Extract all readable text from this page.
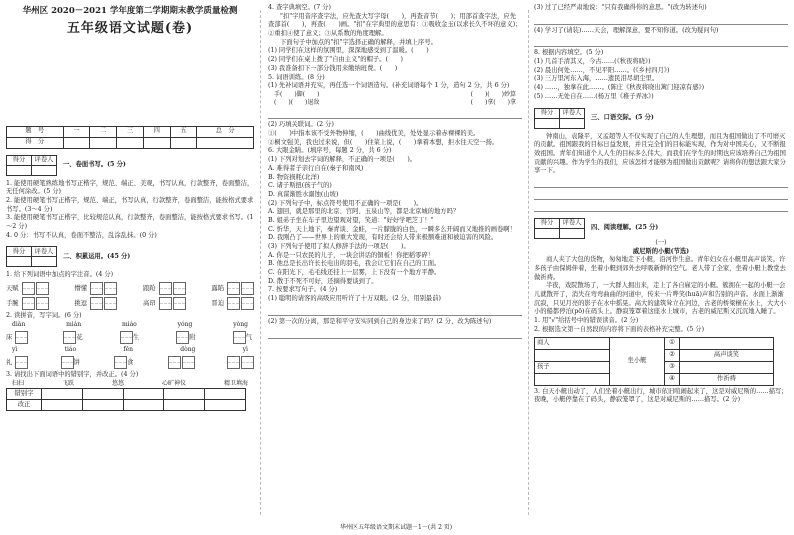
华州区 2020－2021 学年度第二学期期末教学质量检测

五年级语文试题(卷)

题　号	一	二	三	四	五	总　分
得　分						
得分	评卷人

一、卷面书写。(5 分)

1. 能使用硬笔熟练地书写正楷字，规范、端正、美观，书写认真，行款整齐，卷面整洁，无任何涂改。(5 分)

2. 能使用硬笔书写正楷字，规范、端正，书写认真，行款整齐，卷面整洁，能按格式要求书写。(3～4 分)

3. 能使用硬笔书写正楷字，比较规范认真，行款整齐，卷面整洁，能按格式要求书写。(1～2 分)

4. 0 分：书写不认真，卷面不整洁，乱涂乱抹。(0 分)

得分	评卷人

二、积累运用。(45 分)

1. 给下列词语中加点的字注音。(4 分)

天赋	懵懂	踉跄	露陷
手腕	挑逗	高昂	晋迫

2. 读拼音，写字词。(6 分)

diàn	mián	miáo	yóng	yòng
床	花	生	附	气
yì	tiáo	fěn	dòng	yì
礼	饼	食

3. 请找出下面词语中的错别字，并改正。(4 分)

扫扫	飞跃	悠悠	心旷神仪	精卫填海
错别字					
改正					

4. 查字典填空。(7 分)

"扣"字用音序查字法，应先查大写字母(　　)，再查音节(　　)；用部首查字法，应先查部首(　　)，再查(　　)画。"扣"在字典里的意思有：①吸收金玉(以求长久不坏的意义)；②重扣④使了意义；③从系数的角度理解。

下面句子中加点的"扣"字选择正确的解释，并填上序号。

(1) 同学们在这样的氛围里，深深地感受到了温暖。(　　)

(2) 同学们在桌上拨了"自由主义"的帽子。(　　)

(3) 我准备扣下一部分钱用来缴纳班费。(　　)

5. 词语训练。(8 分)

(1) 先补词语并充实，再任选一个词语造句。(补充词语每个 1 分，造句 2 分，共 6 分)

手(　　)脚(　　)	(　　)(　　)妙算
(　　)(　　)退敌	(　　)拿(　　)拿

(2) 巧填关联词。(2 分)

①(　　)中指本该不受外物伸缩，(　　)曲线优美，处处显示着赤裸裸的美。

②桐文强美，我也过来说，但(　　)住菜上说，(　　)拿着本想，拒水往天空一扬。

6. 大眼金睛。(填序号，每题 2 分，共 6 分)

(1) 下列对划去字词的解释，不正确的一项是(　　)。

A. 难得者子亲行自在(秦子和南风)

B. 物资损耗(北洋)

C. 诸子斯扭(孩子气的)

D. 真谋渐胜水溺蚀(山坡)

(2) 下列句子中，标点符号使用不正确的一项是(　　)。

A. 翅回，就是那里的北京、宫阿、玉泉山等，都是北京城的地方吗？

B. 姐弟子坐在车子里边望观对望，笑道："好好学吧芝丁！"

C. 忻华，天上地下，秦青谈、金蛙，一片朦胧的白色，一瞬多么开阔而又地推的画卷啊！

D. 我刚凸了——世界上的重大发现，有时还会给人带来极额难道和被迫害的风险。

(3) 下列句子使用了拟人修辞手法的一项是(　　)。

A. 你是一只农民的儿子，一块会讲话的铜板！你把稻零碎！

B. 他总是长出许长长电出的羽毛，我会让它们在自己的工面。

C. 在阳光下，毛毛线还挂上一层雾，上下没有一个地方平静。

D. 散于不死不可好，还摘得要谈到了。

7. 按要求写句子。(4 分)

(1) 聪明的请客的高级应用听许了十万双眼。(2 分，用别最前)

(2) 第一次的分离，那是和平守安实同到自己的身边来了吗？(2 分，改为陈述句)

(3) 过了已经严肃地说："只有我确得你的意思。"(改为转述句)

(4) 学习了(请装)……天会，理解深意，要不知你道。(改为疑问句)

8. 根据内容填空。(5 分)

(1) 几首手清其又，今古……(《秋夜将晓》)

(2) 晨出何处……，不见平阳……。(《乡村四月》)

(3) 三万里河东入海，……遗民泪尽胡尘里。

(4) ……，独拿在此……。(陈庄《秋夜将晓出篱门迎凉有感》)

(5) ……无处自在……(杨万里《稚子弄冰》)

得分	评卷人

三、口语交际。(5 分)

钟南山，袁隆平，又孟超等人不仅实现了自己的人生理想，而且为祖国做出了不可磨灭的贡献。祖国跟我的目标日益发展，并且完全们的目标能实现，作为对中国关心，又不断报效祖国。青年们知道个人人生的目标多么伟大，而我们在学生的时期也应该培养自己为祖国贡献的兴趣。作为学生的我们，应该怎样才能够为祖国做出贡献呢？请将你的想法跟大家分享一下。

得分	评卷人

四、阅读理解。(25 分)

(一)

威尼斯的小艇(节选)

商人夹了大包的货物，匆匆地走下小艇，沿河作生意。青年妇女在小艇里高声谈笑。许多孩子由保姆伴着，坐着小艇到郊外去呼吸新鲜的空气。老人带了全家，坐着小艇上教堂去做祈祷。

半夜，戏院散场了，一大群人拥出来，走上了各自雇定的小艇。簇拥在一起的小艇一会儿就散开了，消失在弯弯曲曲的河道中，传来一片哗笑(huā)声和告别的声音。水面上渐渐沉寂，只见月亮的影子在水中摇晃。高大的建筑耸立在河边，古老的桥梁横在水上，大大小小的船都停泊(pō)在码头上。静寂笼罩着这座水上城市，古老的威尼斯又沉沉地入睡了。

1. 用"√"给括号中的错误读音。(2 分)

2. 根据选文第一自然段的内容将下面的表格补充完整。(5 分)

商人	坐小艇	①	
		②	高声谈笑
孩子		③	
		④	作祈祷

3. 白天小艇出动了，人们坐着小艇出行，城市依旧喧闹起来了，这是对威尼斯的……描写；夜晚，小艇停靠在了码头，静寂笼罩了，这是对威尼斯的……描写。(2 分)

华州区五年级语文期末试题－1－(共 2 页)
